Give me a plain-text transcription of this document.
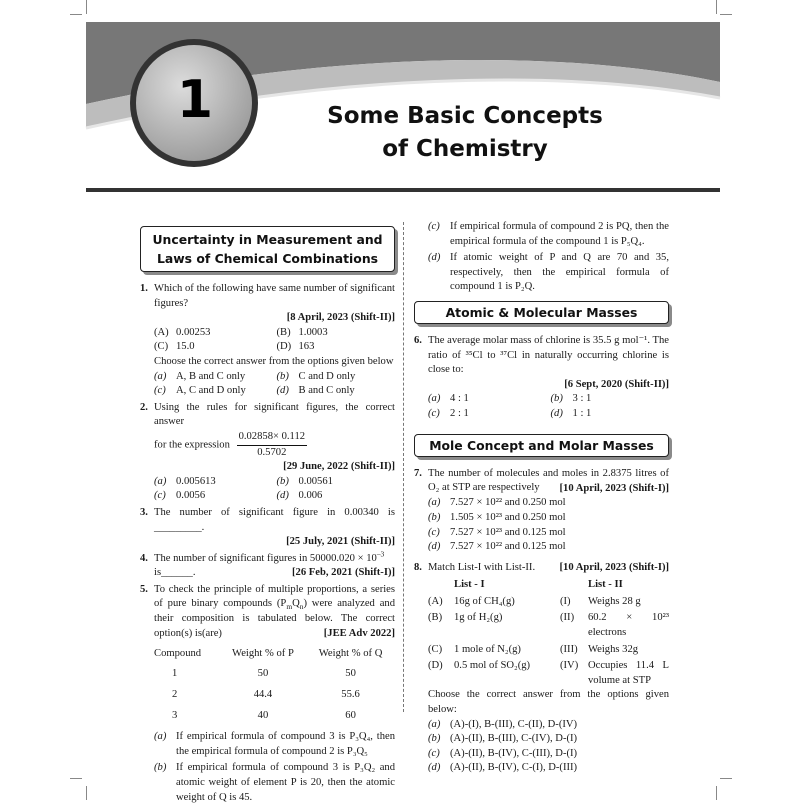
1	Some Basic Concepts
of Chemistry
Uncertainty in Measurement and
Laws of Chemical Combinations
1. Which of the following have same number of significant figures?
[8 April, 2023 (Shift-II)]
(A) 0.00253	(B) 1.0003
(C) 15.0	(D) 163
Choose the correct answer from the options given below
(a) A, B and C only	(b) C and D only
(c) A, C and D only	(d) B and C only
2. Using the rules for significant figures, the correct answer
for the expression $\frac{0.02858\times 0.112}{0.5702}$
[29 June, 2022 (Shift-II)]
(a) 0.005613	(b) 0.00561
(c) 0.0056	(d) 0.006
3. The number of significant figure in 0.00340 is _________.
[25 July, 2021 (Shift-II)]
4. The number of significant figures in $50000.020 \times 10^{-3}$
is______.	[26 Feb, 2021 (Shift-I)]
5. To check the principle of multiple proportions, a series of pure binary compounds $(P_mQ_n)$ were analyzed and their composition is tabulated below. The correct option(s) is(are)	[JEE Adv 2022]
Compound	Weight % of P	Weight % of Q
1	50	50
2	44.4	55.6
3	40	60
(a) If empirical formula of compound 3 is P₃Q₄, then the empirical formula of compound 2 is P₃Q₅
(b) If empirical formula of compound 3 is P₃Q₂ and atomic weight of element P is 20, then the atomic weight of Q is 45.
(c) If empirical formula of compound 2 is PQ, then the empirical formula of the compound 1 is P₅Q₄.
(d) If atomic weight of P and Q are 70 and 35, respectively, then the empirical formula of compound 1 is P₂Q.
Atomic & Molecular Masses
6. The average molar mass of chlorine is 35.5 g mol⁻¹. The ratio of ³⁵Cl to ³⁷Cl in naturally occurring chlorine is close to:
[6 Sept, 2020 (Shift-II)]
(a) 4 : 1	(b) 3 : 1
(c) 2 : 1	(d) 1 : 1
Mole Concept and Molar Masses
7. The number of molecules and moles in 2.8375 litres of O₂ at STP are respectively	[10 April, 2023 (Shift-I)]
(a) 7.527 × 10²² and 0.250 mol
(b) 1.505 × 10²³ and 0.250 mol
(c) 7.527 × 10²³ and 0.125 mol
(d) 7.527 × 10²² and 0.125 mol
8. Match List-I with List-II. [10 April, 2023 (Shift-I)]
List - I	List - II
(A)	16g of CH₄(g)	(I)	Weighs 28 g
(B)	1g of H₂(g)	(II)	60.2 × 10²³ electrons
(C)	1 mole of N₂(g)	(III) Weighs 32g
(D)	0.5 mol of SO₂(g)	(IV) Occupies 11.4 L volume at STP
Choose the correct answer from the options given below:
(a) (A)-(I), B-(III), C-(II), D-(IV)
(b) (A)-(II), B-(III), C-(IV), D-(I)
(c) (A)-(II), B-(IV), C-(III), D-(I)
(d) (A)-(II), B-(IV), C-(I), D-(III)
